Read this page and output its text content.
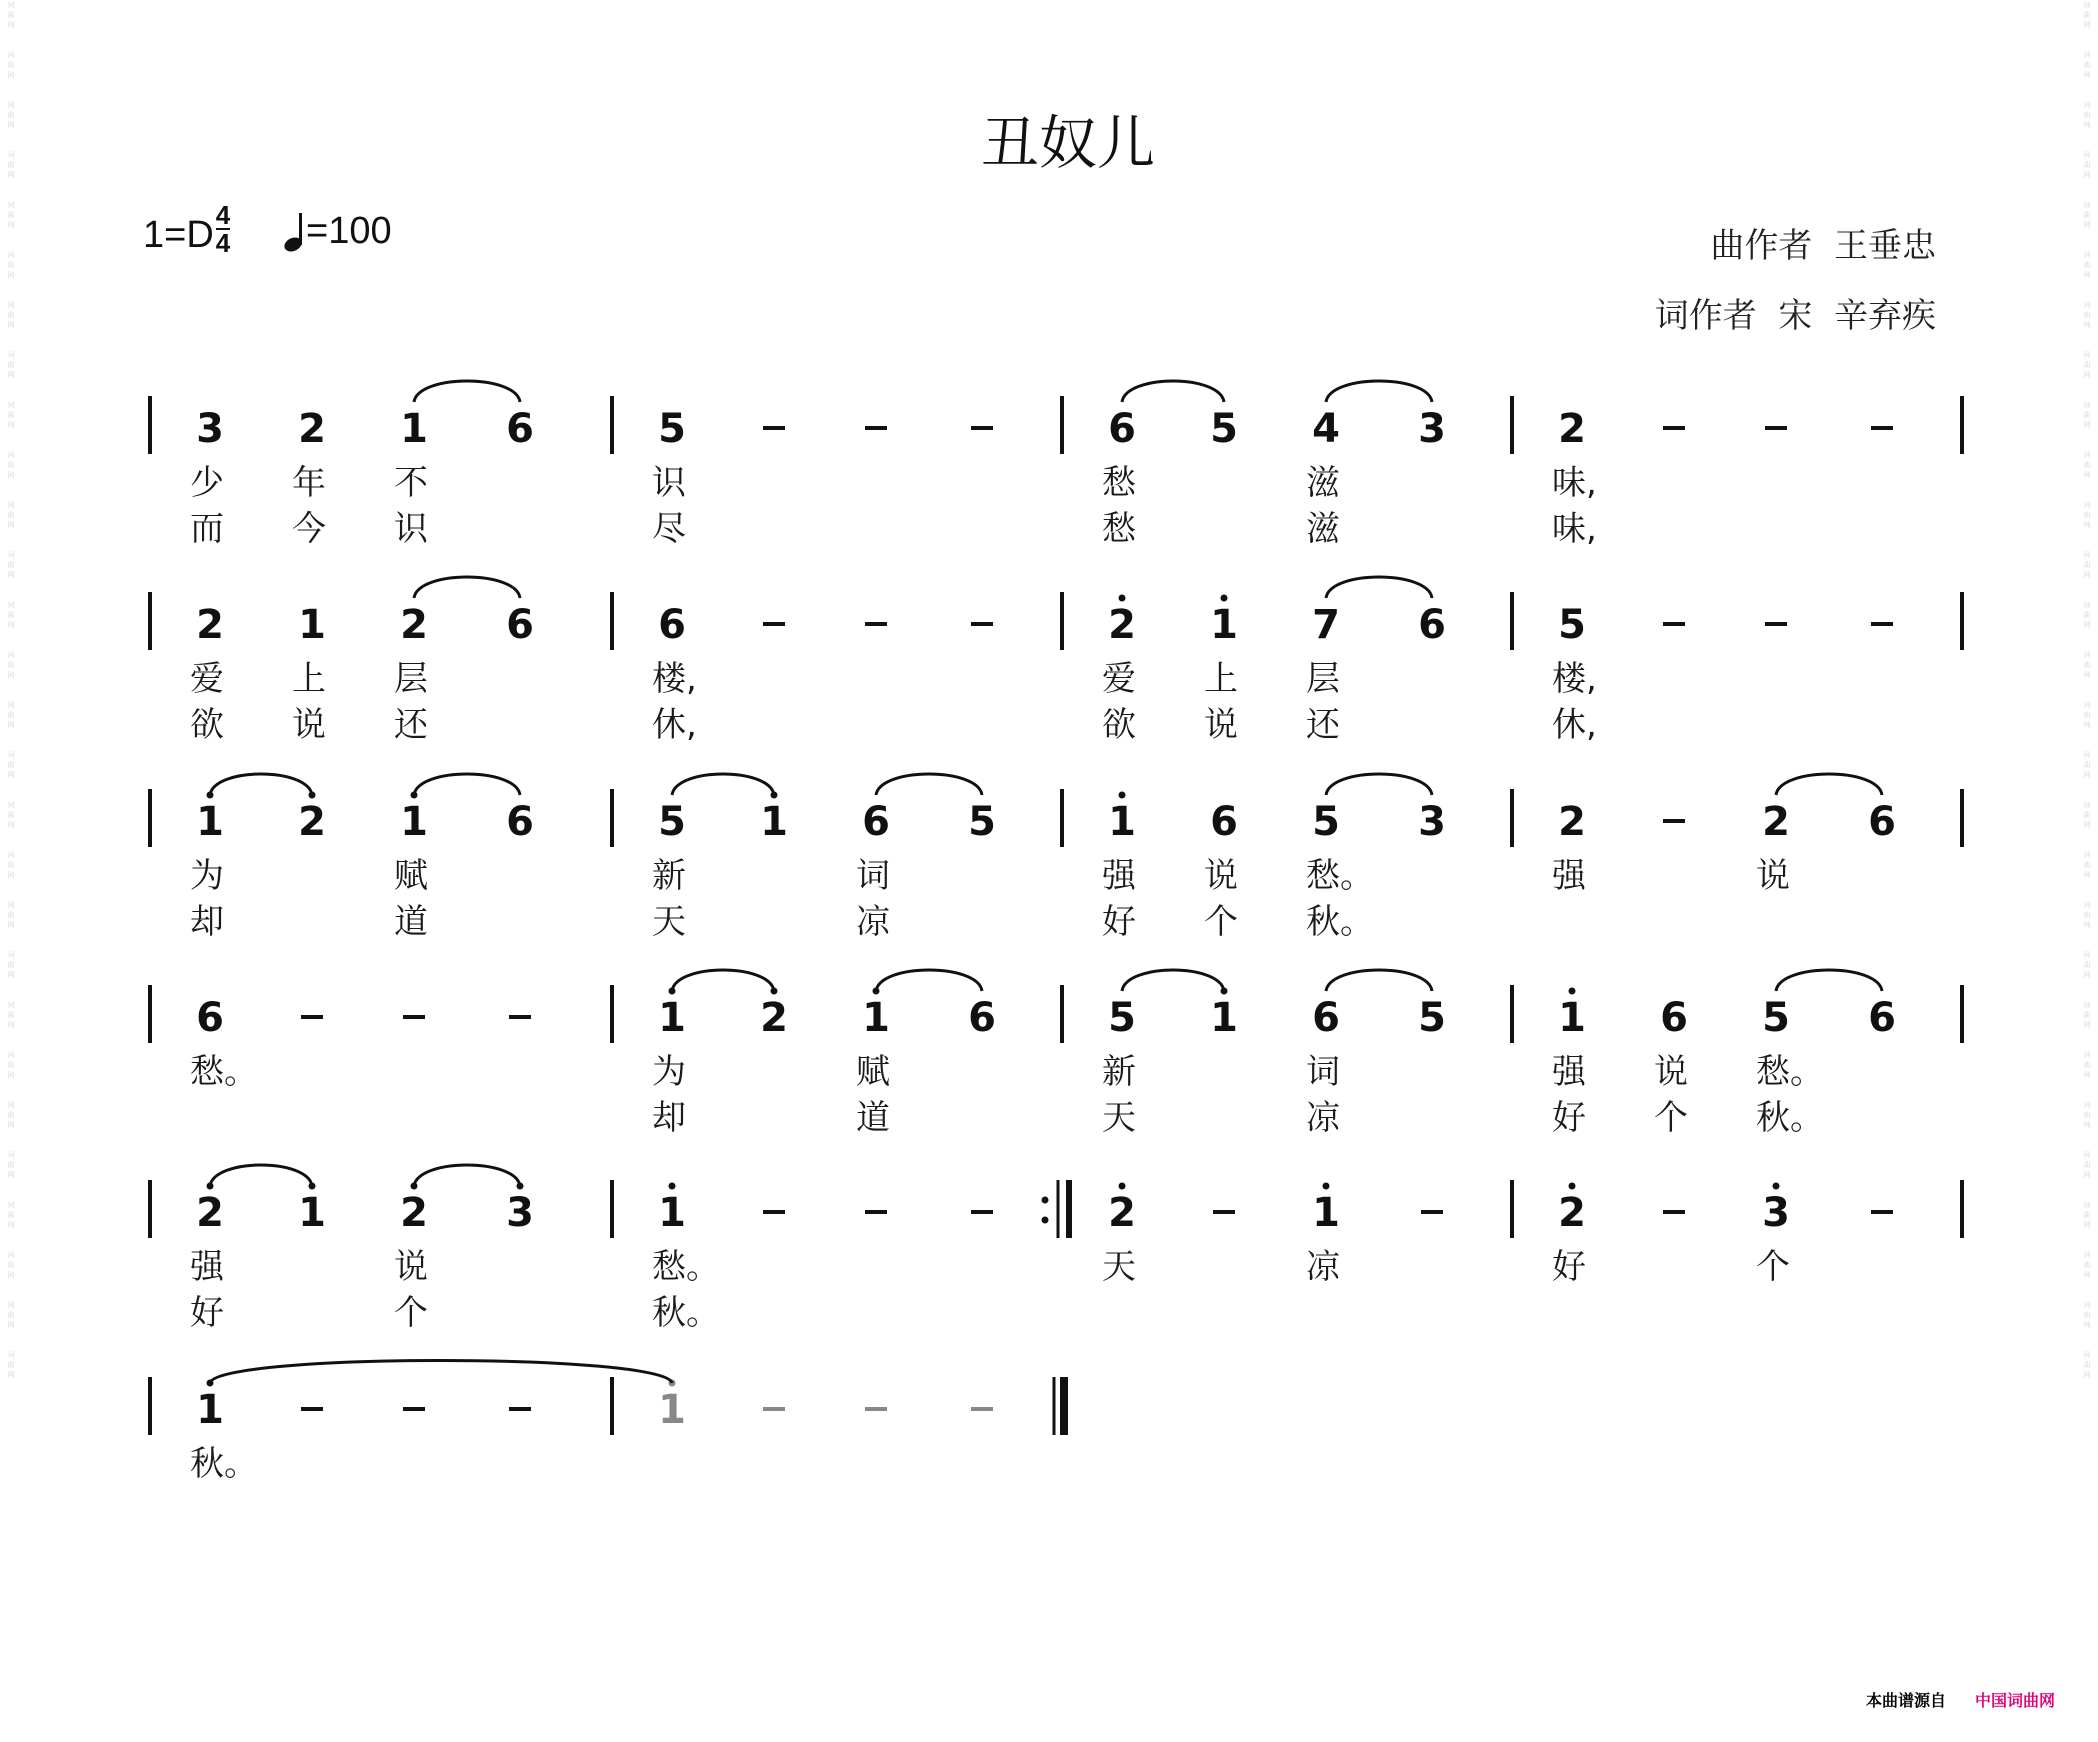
词
曲
网

词
曲
网

词
曲
网

词
曲
网

词
曲
网

词
曲
网

词
曲
网

词
曲
网

词
曲
网

词
曲
网

词
曲
网

词
曲
网

词
曲
网

词
曲
网

词
曲
网

词
曲
网

词
曲
网

词
曲
网

词
曲
网

词
曲
网

词
曲
网

词
曲
网

词
曲
网

词
曲
网

词
曲
网

词
曲
网

词
曲
网

词
曲
网

词
曲
网

词
曲
网

词
曲
网

词
曲
网

词
曲
网

词
曲
网

词
曲
网

词
曲
网

词
曲
网

词
曲
网

词
曲
网

词
曲
网

词
曲
网

词
曲
网

词
曲
网

词
曲
网

词
曲
网

词
曲
网

词
曲
网

词
曲
网

词
曲
网

词
曲
网

词
曲
网

词
曲
网

词
曲
网

词
曲
网

词
曲
网

词
曲
网

丑奴儿
$1=D \frac{4}{4}$	=100	曲作者 王垂忠
词作者 宋  辛弃疾
3 2 1 6	5	6 5 4 3	2
少 年 不	识	愁	滋	味,
而 今 识	尽	愁	滋	味,
2 1 2 6	6	2 1 7 6	5
爱 上 层	楼,	爱 上 层	楼,
欲 说 还	休,	欲 说 还	休,
1 2 1 6	5 1 6 5	1 6 5 3	2	2 6
为	赋	新	词	强 说 愁。	强	说
却	道	天	凉	好 个 秋。
6	1 2 1 6	5 1 6 5	1 6 5 6
愁。	为	赋	新	词	强 说 愁。
却	道	天	凉	好 个 秋。
2 1 2 3	1	2	1	2	3
强	说	愁。	天	凉	好	个
好	个	秋。
1	1
秋。
本曲谱源自 中国词曲网
